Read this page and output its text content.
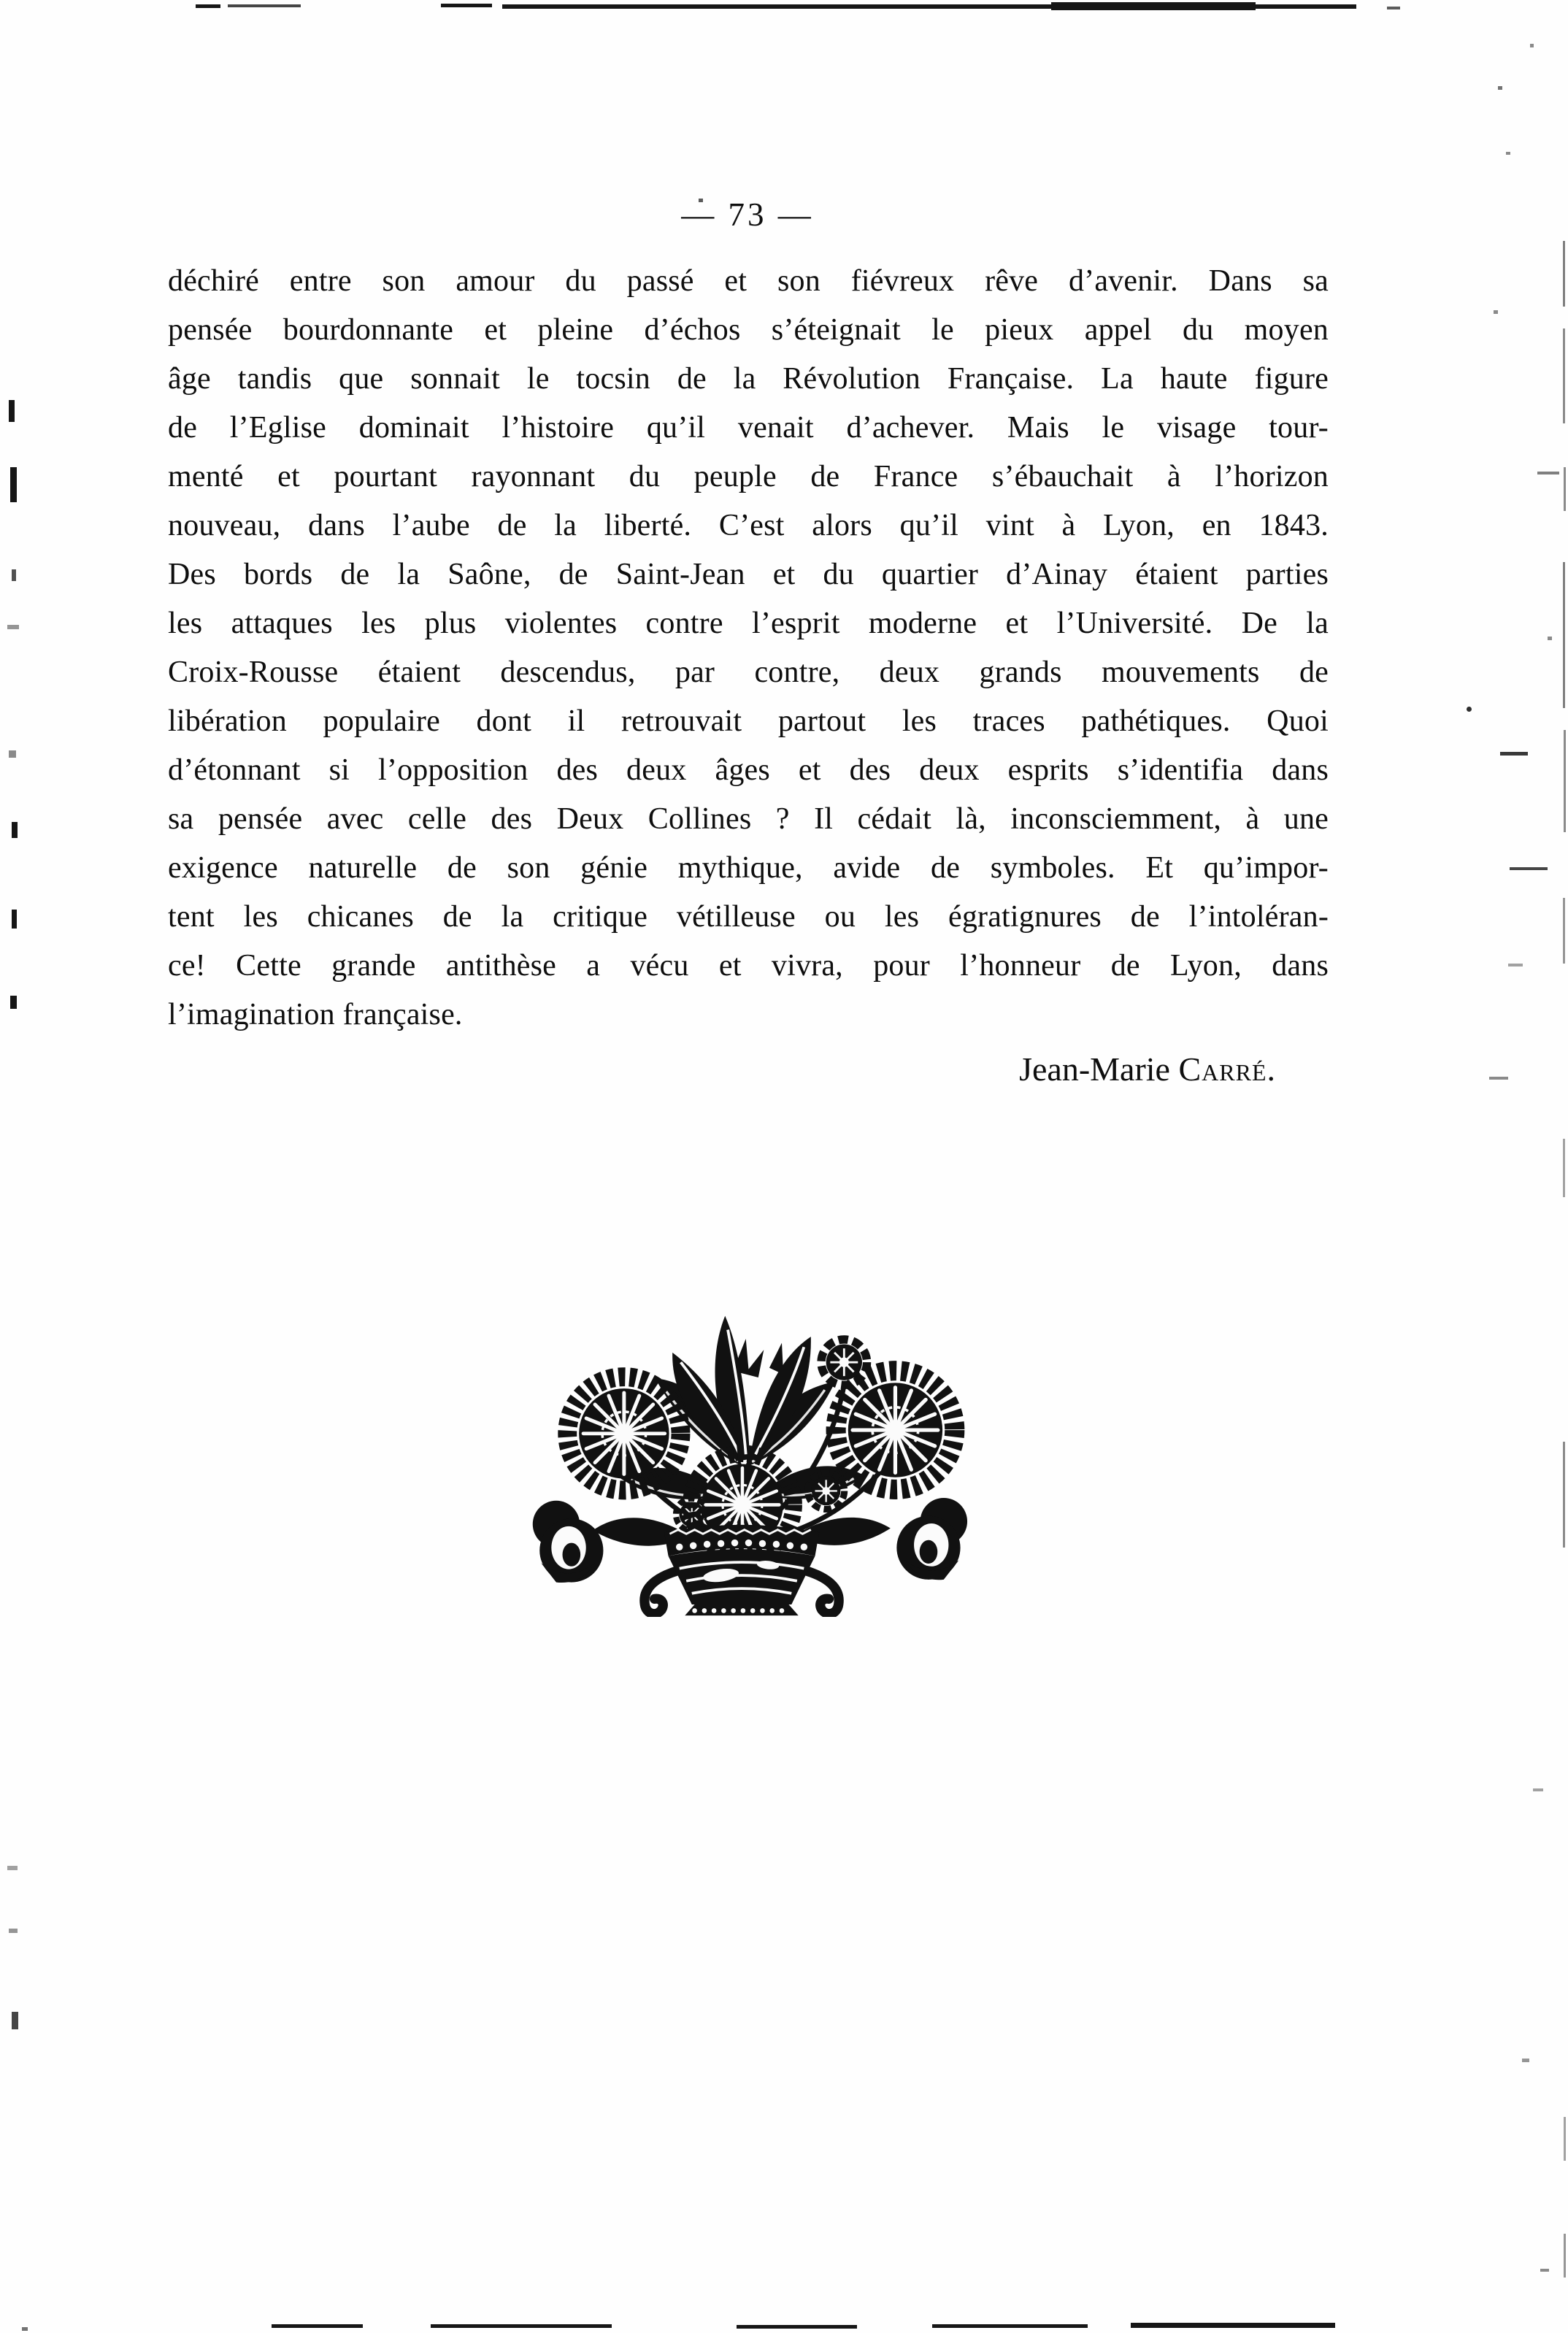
— 73 —
déchiré entre son amour du passé et son fiévreux rêve d’avenir. Dans sa
pensée bourdonnante et pleine d’échos s’éteignait le pieux appel du moyen
âge tandis que sonnait le tocsin de la Révolution Française. La haute figure
de l’Eglise dominait l’histoire qu’il venait d’achever. Mais le visage tour-
menté et pourtant rayonnant du peuple de France s’ébauchait à l’horizon
nouveau, dans l’aube de la liberté. C’est alors qu’il vint à Lyon, en 1843.
Des bords de la Saône, de Saint-Jean et du quartier d’Ainay étaient parties
les attaques les plus violentes contre l’esprit moderne et l’Université. De la
Croix-Rousse étaient descendus, par contre, deux grands mouvements de
libération populaire dont il retrouvait partout les traces pathétiques. Quoi
d’étonnant si l’opposition des deux âges et des deux esprits s’identifia dans
sa pensée avec celle des Deux Collines ? Il cédait là, inconsciemment, à une
exigence naturelle de son génie mythique, avide de symboles. Et qu’impor-
tent les chicanes de la critique vétilleuse ou les égratignures de l’intoléran-
ce! Cette grande antithèse a vécu et vivra, pour l’honneur de Lyon, dans
l’imagination française.
Jean-Marie Carré.
